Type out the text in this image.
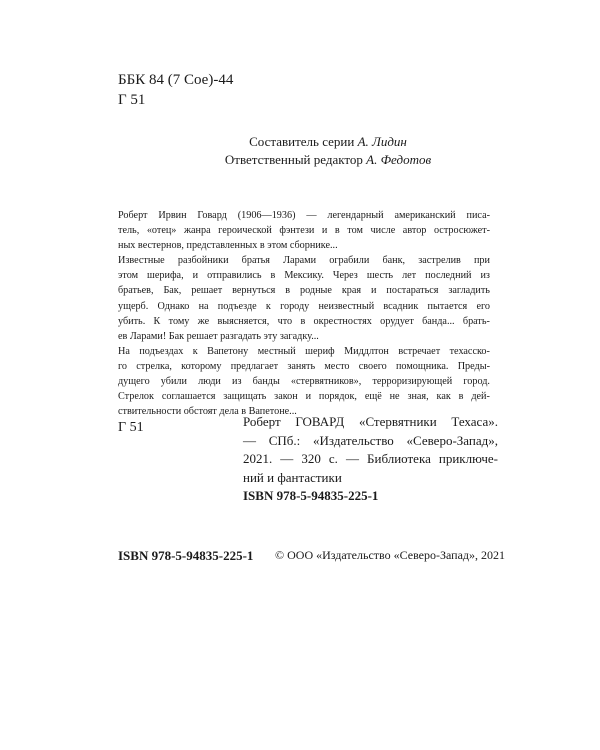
ББК 84 (7 Сое)-44
Г 51
Составитель серии А. Лидин
Ответственный редактор А. Федотов
Роберт Ирвин Говард (1906—1936) — легендарный американский писа-
тель, «отец» жанра героической фэнтези и в том числе автор остросюжет-
ных вестернов, представленных в этом сборнике...
Известные разбойники братья Ларами ограбили банк, застрелив при
этом шерифа, и отправились в Мексику. Через шесть лет последний из
братьев, Бак, решает вернуться в родные края и постараться загладить
ущерб. Однако на подъезде к городу неизвестный всадник пытается его
убить. К тому же выясняется, что в окрестностях орудует банда... брать-
ев Ларами! Бак решает разгадать эту загадку...
На подъездах к Вапетону местный шериф Миддлтон встречает техасско-
го стрелка, которому предлагает занять место своего помощника. Преды-
дущего убили люди из банды «стервятников», терроризирующей город.
Стрелок соглашается защищать закон и порядок, ещё не зная, как в дей-
ствительности обстоят дела в Вапетоне...
Г 51	Роберт ГОВАРД «Стервятники Техаса».
— СПб.: «Издательство «Северо-Запад»,
2021. — 320 с. — Библиотека приключе-
ний и фантастики
ISBN 978-5-94835-225-1
ISBN 978-5-94835-225-1 © ООО «Издательство «Северо-Запад», 2021
